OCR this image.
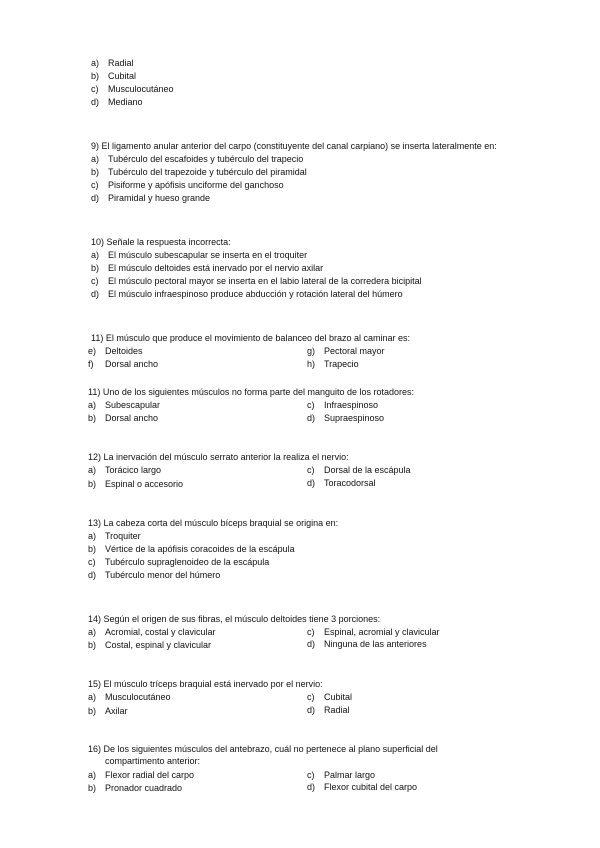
a) Radial
b) Cubital
c) Musculocutáneo
d) Mediano
9) El ligamento anular anterior del carpo (constituyente del canal carpiano) se inserta lateralmente en:
a) Tubérculo del escafoides y tubérculo del trapecio
b) Tubérculo del trapezoide y tubérculo del piramidal
c) Pisiforme y apófisis unciforme del ganchoso
d) Piramidal y hueso grande
10) Señale la respuesta incorrecta:
a) El músculo subescapular se inserta en el troquiter
b) El músculo deltoides está inervado por el nervio axilar
c) El músculo pectoral mayor se inserta en el labio lateral de la corredera bicipital
d) El músculo infraespinoso produce abducción y rotación lateral del húmero
11) El músculo que produce el movimiento de balanceo del brazo al caminar es:
e) Deltoides	g) Pectoral mayor
f) Dorsal ancho	h) Trapecio
11) Uno de los siguientes músculos no forma parte del manguito de los rotadores:
a) Subescapular	c) Infraespinoso
b) Dorsal ancho	d) Supraespinoso
12) La inervación del músculo serrato anterior la realiza el nervio:
a) Torácico largo	c) Dorsal de la escápula
b) Espinal o accesorio	d) Toracodorsal
13) La cabeza corta del músculo bíceps braquial se origina en:
a) Troquiter
b) Vértice de la apófisis coracoides de la escápula
c) Tubérculo supraglenoideo de la escápula
d) Tubérculo menor del húmero
14) Según el origen de sus fibras, el músculo deltoides tiene 3 porciones:
a) Acromial, costal y clavicular	c) Espinal, acromial y clavicular
b) Costal, espinal y clavicular	d) Ninguna de las anteriores
15) El músculo tríceps braquial está inervado por el nervio:
a) Musculocutáneo	c) Cubital
b) Axilar	d) Radial
16) De los siguientes músculos del antebrazo, cuál no pertenece al plano superficial del
compartimento anterior:
a) Flexor radial del carpo	c) Palmar largo
b) Pronador cuadrado	d) Flexor cubital del carpo
